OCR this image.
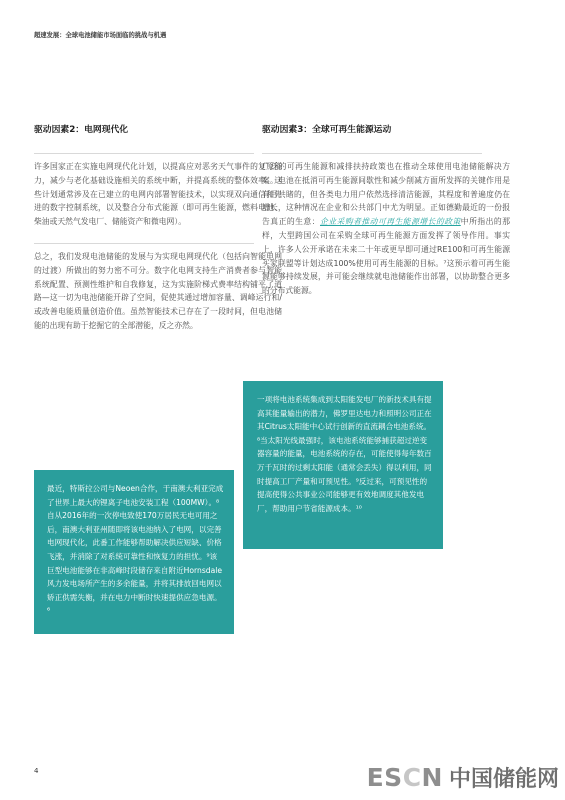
超速发展：全球电池储能市场面临的挑战与机遇
驱动因素2：电网现代化

许多国家正在实施电网现代化计划，以提高应对恶劣天气事件的复原能力，减少与老化基础设施相关的系统中断，并提高系统的整体效率。这些计划通常涉及在已建立的电网内部署智能技术，以实现双向通信和先进的数字控制系统，以及整合分布式能源（即可再生能源，燃料电池、柴油或天然气发电厂、储能资产和微电网）。

总之，我们发现电池储能的发展与为实现电网现代化（包括向智能电网的过渡）所做出的努力密不可分。数字化电网支持生产消费者参与智能系统配置、预测性维护和自我修复，这为实施阶梯式费率结构铺平了道路—这一切为电池储能开辟了空间，促使其通过增加容量、调峰运行和/或改善电能质量创造价值。虽然智能技术已存在了一段时间，但电池储能的出现有助于挖掘它的全部潜能，反之亦然。

驱动因素3：全球可再生能源运动

广泛的可再生能源和减排扶持政策也在推动全球使用电池储能解决方案。电池在抵消可再生能源间歇性和减少削减方面所发挥的关键作用是有目共睹的，但各类电力用户依然选择清洁能源，其程度和普遍度仍在增长，这种情况在企业和公共部门中尤为明显。正如德勤最近的一份报告真正的生意：企业采购者推动可再生能源增长的政策中所指出的那样，大型跨国公司在采购全球可再生能源方面发挥了领导作用。事实上，许多人公开承诺在未来二十年或更早即可通过RE100和可再生能源买家联盟等计划达成100%使用可再生能源的目标。⁷这预示着可再生能源能够持续发展，并可能会继续就电池储能作出部署，以协助整合更多的分布式能源。

最近，特斯拉公司与Neoen合作，于南澳大利亚完成了世界上最大的锂离子电池安装工程（100MW）。⁸自从2016年的一次停电致使170万居民无电可用之后，南澳大利亚州随即将该电池纳入了电网，以完善电网现代化，此番工作能够帮助解决供应短缺、价格飞涨，并消除了对系统可靠性和恢复力的担忧。⁹该巨型电池能够在非高峰时段储存来自附近Hornsdale风力发电场所产生的多余能量，并将其排放回电网以矫正供需失衡，并在电力中断时快速提供应急电源。⁶
一项将电池系统集成到太阳能发电厂的新技术具有提高其能量输出的潜力，佛罗里达电力和照明公司正在其Citrus太阳能中心试行创新的直流耦合电池系统。⁸当太阳光线最强时，该电池系统能够捕获超过逆变器容量的能量，电池系统的存在，可能使得每年数百万千瓦时的过剩太阳能（通常会丢失）得以利用，同时提高工厂产量和可预见性。⁹反过来，可预见性的提高使得公共事业公司能够更有效地调度其他发电厂，帮助用户节省能源成本。¹⁰
4	ESCN 中国储能网
